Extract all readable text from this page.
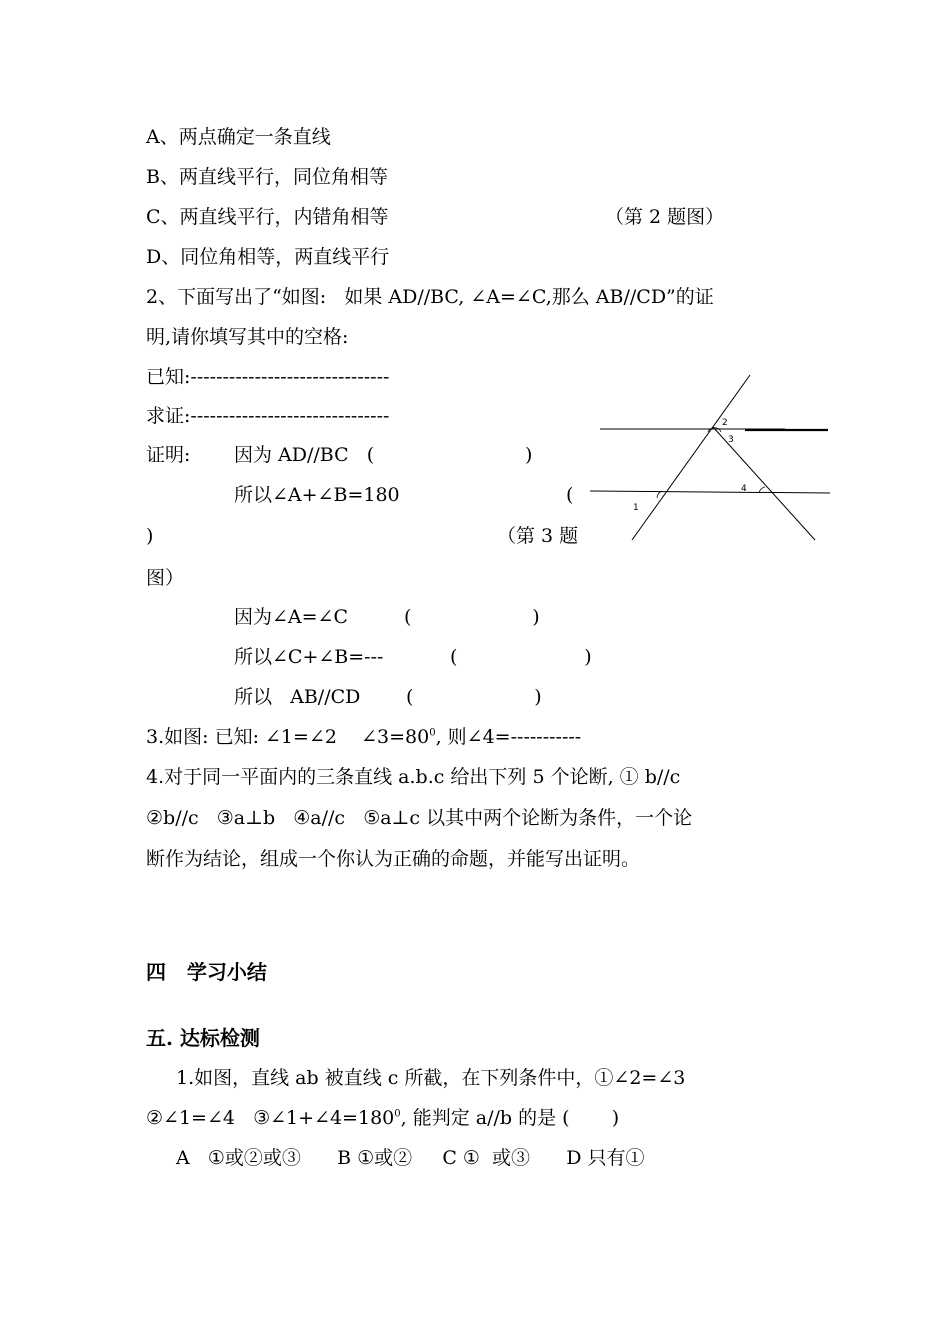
A、两点确定一条直线
B、两直线平行，同位角相等
C、两直线平行，内错角相等	（第 2 题图）
D、同位角相等，两直线平行
2、下面写出了“如图:   如果 AD//BC, ∠A=∠C,那么 AB//CD”的证
明,请你填写其中的空格:
已知:-------------------------------
求证:-------------------------------
证明: 因为 AD//BC   (	)
所以∠A+∠B=180	(
)	（第 3 题
图）
因为∠A=∠C	(                    )
所以∠C+∠B=---	(                     )
所以   AB//CD (                    )
3.如图: 已知: ∠1=∠2    $\angle 3=80^0$, 则∠4=-----------
4.对于同一平面内的三条直线 a.b.c 给出下列 5 个论断, ① b//c
②b//c   ③a⊥b   ④a//c   ⑤a⊥c 以其中两个论断为条件，一个论
断作为结论，组成一个你认为正确的命题，并能写出证明。
四   学习小结
五. 达标检测
1.如图，直线 ab 被直线 c 所截，在下列条件中，①∠2=∠3
②∠1=∠4   $③\angle 1+\angle 4=180^0$, 能判定 a//b 的是 (       )
A   ①或②或③      B ①或②     C ①  或③      D 只有①
2
3
1
4
